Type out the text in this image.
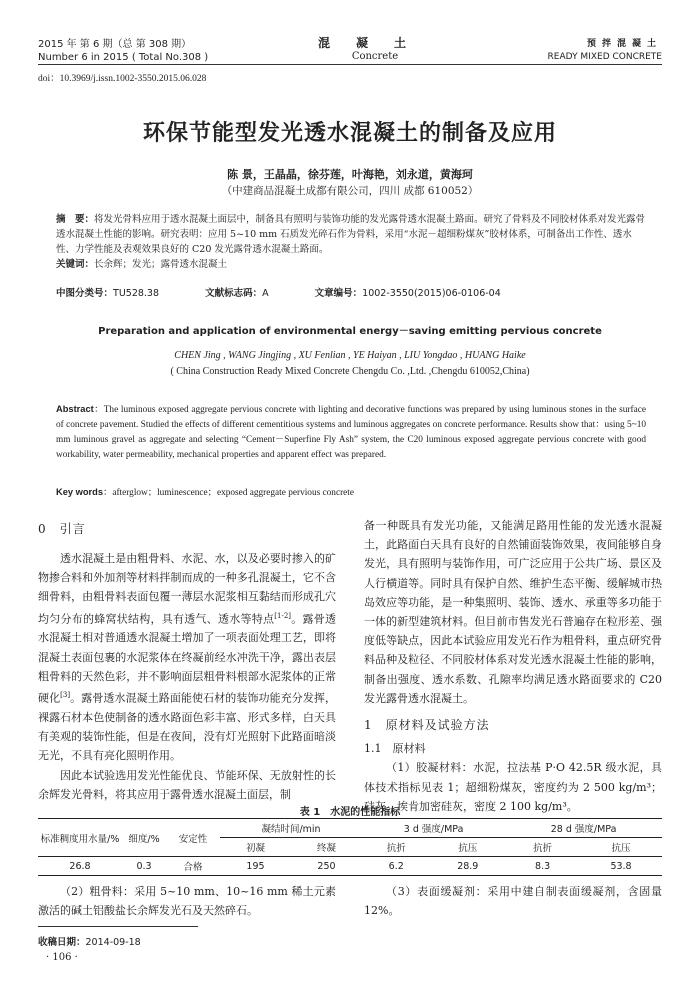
2015 年 第 6 期（总 第 308 期）
Number 6 in 2015 ( Total No.308 )
混凝土
Concrete
预拌混凝土
READY MIXED CONCRETE
doi：10.3969/j.issn.1002-3550.2015.06.028
环保节能型发光透水混凝土的制备及应用
陈 景，王晶晶，徐芬莲，叶海艳，刘永道，黄海珂
（中建商品混凝土成都有限公司，四川 成都 610052）
摘　要：将发光骨料应用于透水混凝土面层中，制备具有照明与装饰功能的发光露骨透水混凝土路面。研究了骨料及不同胶材体系对发光露骨透水混凝土性能的影响。研究表明：应用 5~10 mm 石质发光碎石作为骨料，采用“水泥－超细粉煤灰”胶材体系，可制备出工作性、透水性、力学性能及表观效果良好的 C20 发光露骨透水混凝土路面。
关键词：长余辉；发光；露骨透水混凝土
中图分类号：TU528.38	文献标志码：A	文章编号：1002-3550(2015)06-0106-04
Preparation and application of environmental energy－saving emitting pervious concrete
CHEN Jing , WANG Jingjing , XU Fenlian , YE Haiyan , LIU Yongdao , HUANG Haike
( China Construction Ready Mixed Concrete Chengdu Co. ,Ltd. ,Chengdu 610052,China)
Abstract：The luminous exposed aggregate pervious concrete with lighting and decorative functions was prepared by using luminous stones in the surface of concrete pavement. Studied the effects of different cementitious systems and luminous aggregates on concrete performance. Results show that：using 5~10 mm luminous gravel as aggregate and selecting “Cement－Superfine Fly Ash” system, the C20 luminous exposed aggregate pervious concrete with good workability, water permeability, mechanical properties and apparent effect was prepared.
Key words：afterglow；luminescence；exposed aggregate pervious concrete
0　引言

透水混凝土是由粗骨料、水泥、水，以及必要时掺入的矿物掺合料和外加剂等材料拌制而成的一种多孔混凝土，它不含细骨料，由粗骨料表面包覆一薄层水泥浆相互黏结而形成孔穴均匀分布的蜂窝状结构，具有透气、透水等特点[1-2]。露骨透水混凝土相对普通透水混凝土增加了一项表面处理工艺，即将混凝土表面包裹的水泥浆体在终凝前经水冲洗干净，露出表层粗骨料的天然色彩，并不影响面层粗骨料根部水泥浆体的正常硬化[3]。露骨透水混凝土路面能使石材的装饰功能充分发挥，裸露石材本色使制备的透水路面色彩丰富、形式多样，白天具有美观的装饰性能，但是在夜间，没有灯光照射下此路面暗淡无光，不具有亮化照明作用。

因此本试验选用发光性能优良、节能环保、无放射性的长余辉发光骨料，将其应用于露骨透水混凝土面层，制

备一种既具有发光功能，又能满足路用性能的发光透水混凝土，此路面白天具有良好的自然铺面装饰效果，夜间能够自身发光，具有照明与装饰作用，可广泛应用于公共广场、景区及人行横道等。同时具有保护自然、维护生态平衡、缓解城市热岛效应等功能，是一种集照明、装饰、透水、承重等多功能于一体的新型建筑材料。但目前市售发光石普遍存在粒形差、强度低等缺点，因此本试验应用发光石作为粗骨料，重点研究骨料品种及粒径、不同胶材体系对发光透水混凝土性能的影响，制备出强度、透水系数、孔隙率均满足透水路面要求的 C20 发光露骨透水混凝土。

1　原材料及试验方法
1.1　原材料

（1）胶凝材料：水泥，拉法基 P·O 42.5R 级水泥，具体技术指标见表 1；超细粉煤灰，密度约为 2 500 kg/m³；硅灰，埃肯加密硅灰，密度 2 100 kg/m³。

表 1　水泥的性能指标
标准稠度用水量/%	细度/%	安定性	凝结时间/min		3 d 强度/MPa		28 d 强度/MPa	
			初凝	终凝	抗折	抗压	抗折	抗压
26.8	0.3	合格	195	250	6.2	28.9	8.3	53.8

（2）粗骨料：采用 5~10 mm、10~16 mm 稀土元素激活的碱土铝酸盐长余辉发光石及天然碎石。

（3）表面缓凝剂：采用中建自制表面缓凝剂，含固量 12%。

收稿日期：2014-09-18
· 106 ·
